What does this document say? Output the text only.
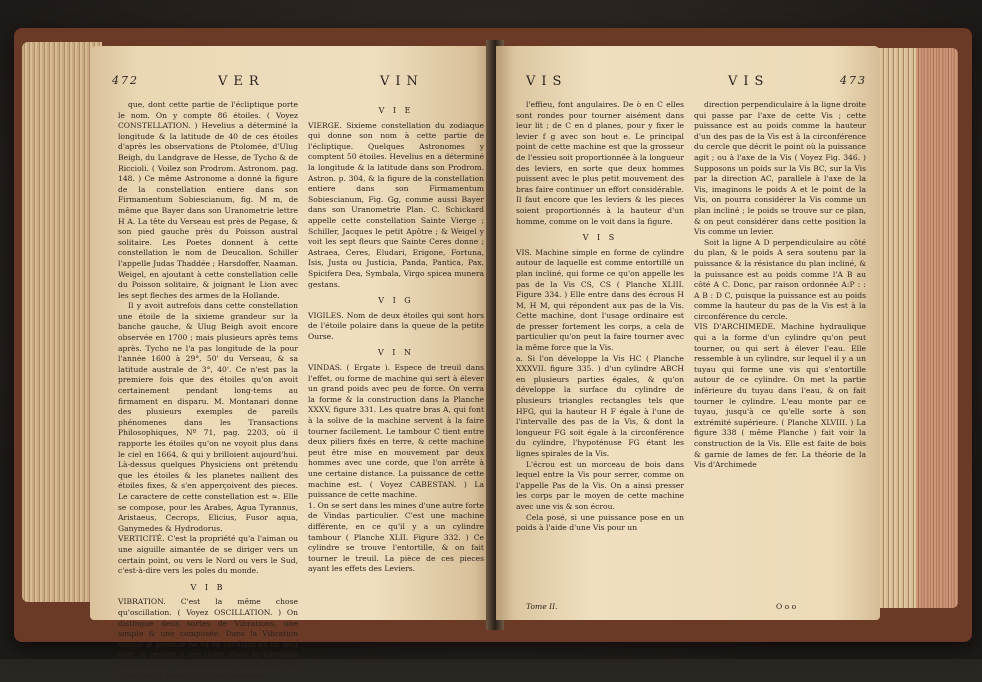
472	VER	VIN

que, dont cette partie de l'écliptique porte le nom. On y compte 86 étoiles. ( Voyez CONSTELLATION. ) Hevelius a déterminé la longitude & la latitude de 40 de ces étoiles d'après les observations de Ptolomée, d'Ulug Beigh, du Landgrave de Hesse, de Tycho & de Riccioli. ( Voilez son Prodrom. Astronom. pag. 148. ) Ce même Astronome a donné la figure de la constellation entiere dans son Firmamentum Sobiescianum, fig. M m, de même que Bayer dans son Uranometrie lettre H A. La tête du Verseau est près de Pegase, & son pied gauche près du Poisson austral solitaire. Les Poetes donnent à cette constellation le nom de Deucalion. Schiller l'appelle Judas Thaddée ; Harsdoffer, Naaman. Weigel, en ajoutant à cette constellation celle du Poisson solitaire, & joignant le Lion avec les sept fleches des armes de la Hollande.

Il y avoit autrefois dans cette constellation une étoile de la sixieme grandeur sur la banche gauche, & Ulug Beigh avoit encore observée en 1700 ; mais plusieurs après tems après. Tycho ne l'a pas longitude de la pour l'année 1600 à 29°, 50' du Verseau, & sa latitude australe de 3°, 40'. Ce n'est pas la premiere fois que des étoiles qu'on avoit certainement pendant long-tems au firmament en disparu. M. Montanari donne des plusieurs exemples de pareils phénomenes dans les Transactions Philosophiques, Nº 71, pag. 2203, où il rapporte les étoiles qu'on ne voyoit plus dans le ciel en 1664, & qui y brilloient aujourd'hui. Là-dessus quelques Physiciens ont prétendu que les étoiles & les planetes nailient des étoiles fixes, & s'en apperçoivent des pieces. Le caractere de cette constellation est ≈. Elle se compose, pour les Arabes, Agua Tyrannus, Aristaeus, Cecrops, Elicius, Fusor aqua, Ganymedes & Hydrodorus.

VERTICITÉ. C'est la propriété qu'a l'aiman ou une aiguille aimantée de se diriger vers un certain point, ou vers le Nord ou vers le Sud, c'est-à-dire vers les poles du monde.

V I B

VIBRATION. C'est la même chose qu'oscillation. ( Voyez OSCILLATION. ) On distingue deux sortes de Vibrations, une simple & une composée. Dans la Vibration simple le pendule ne va en oscillant qu'un seul côté, & revient à son point. Dans la Vibration composée il fait de deux oscillations, & retourne au point d'où il est descendu.

V I E

VIERGE. Sixieme constellation du zodiaque qui donne son nom à cette partie de l'écliptique. Quelques Astronomes y comptent 50 étoiles. Hevelius en a déterminé la longitude & la latitude dans son Prodrom. Astron. p. 304, & la figure de la constellation entiere dans son Firmamentum Sobiescianum, Fig. Gg, comme aussi Bayer dans son Uranometrie Plan. C. Schickard appelle cette constellation Sainte Vierge ; Schiller, Jacques le petit Apôtre ; & Weigel y voit les sept fleurs que Sainte Ceres donne ; Astraea, Ceres, Eludari, Erigone, Fortuna, Isis, Justa ou Justicia, Panda, Pantica, Pax, Spicifera Dea, Symbala, Virgo spicea munera gestans.

V I G

VIGILES. Nom de deux étoiles qui sont hors de l'étoile polaire dans la queue de la petite Ourse.

V I N

VINDAS. ( Ergate ). Espece de treuil dans l'effet, ou forme de machine qui sert à élever un grand poids avec peu de force. On verra la forme & la construction dans la Planche XXXV, figure 331. Les quatre bras A, qui font à la solive de la machine servent à la faire tourner facilement. Le tambour C tient entre deux piliers fixés en terre, & cette machine peut être mise en mouvement par deux hommes avec une corde, que l'on arrête à une certaine distance. La puissance de cette machine est. ( Voyez CABESTAN. ) La puissance de cette machine.

1. On se sert dans les mines d'une autre forte de Vindas particulier. C'est une machine différente, en ce qu'il y a un cylindre tambour ( Planche XLII. Figure 332. ) Ce cylindre se trouve l'entortille, & on fait tourner le treuil. La pièce de ces pieces ayant les effets des Leviers.

VIS	VIS	473

l'effieu, font angulaires. De ò en C elles sont rondes pour tourner aisément dans leur lit ; de C en d planes, pour y fixer le levier f g avec son bout e. Le principal point de cette machine est que la grosseur de l'essieu soit proportionnée à la longueur des leviers, en sorte que deux hommes puissent avec le plus petit mouvement des bras faire continuer un effort considérable. Il faut encore que les leviers & les pieces soient proportionnés à la hauteur d'un homme, comme on le voit dans la figure.

V I S

VIS. Machine simple en forme de cylindre autour de laquelle est comme entortillé un plan incliné, qui forme ce qu'on appelle les pas de la Vis CS, CS ( Planche XLIII. Figure 334. ) Elle entre dans des écrous H M, H M, qui répondent aux pas de la Vis. Cette machine, dont l'usage ordinaire est de presser fortement les corps, a cela de particulier qu'on peut la faire tourner avec la même force que la Vis.

a. Si l'on développe la Vis HC ( Planche XXXVII. figure 335. ) d'un cylindre ABCH en plusieurs parties égales, & qu'on développe la surface du cylindre de plusieurs triangles rectangles tels que HFG, qui la hauteur H F égale à l'une de l'intervalle des pas de la Vis, & dont la longueur FG soit égale à la circonférence du cylindre, l'hypoténuse FG étant les lignes spirales de la Vis.

L'écrou est un morceau de bois dans lequel entre la Vis pour serrer, comme on l'appelle Pas de la Vis. On a ainsi presser les corps par le moyen de cette machine avec une vis & son écrou.

Cela posé, si une puissance pose en un poids à l'aide d'une Vis pour un

direction perpendiculaire à la ligne droite qui passe par l'axe de cette Vis ; cette puissance est au poids comme la hauteur d'un des pas de la Vis est à la circonférence du cercle que décrit le point où la puissance agit ; ou à l'axe de la Vis ( Voyez Fig. 346. ) Supposons un poids sur la Vis BC, sur la Vis par la direction AC, parallele à l'axe de la Vis, imaginons le poids A et le point de la Vis, on pourra considérer la Vis comme un plan incliné ; le poids se trouve sur ce plan, & on peut considérer dans cette position la Vis comme un levier.

Soit la ligne A D perpendiculaire au côté du plan, & le poids A sera soutenu par la puissance & la résistance du plan incliné, & la puissance est au poids comme l'A B au côté A C. Donc, par raison ordonnée A:P : : A B : D C, puisque la puissance est au poids comme la hauteur du pas de la Vis est à la circonférence du cercle.

VIS D'ARCHIMEDE. Machine hydraulique qui a la forme d'un cylindre qu'on peut tourner, ou qui sert à élever l'eau. Elle ressemble à un cylindre, sur lequel il y a un tuyau qui forme une vis qui s'entortille autour de ce cylindre. On met la partie inférieure du tuyau dans l'eau, & on fait tourner le cylindre. L'eau monte par ce tuyau, jusqu'à ce qu'elle sorte à son extrémité supérieure. ( Planche XLVIII. ) La figure 338 ( même Planche ) fait voir la construction de la Vis. Elle est faite de bois & garnie de lames de fer. La théorie de la Vis d'Archimede

Tome II.	O o o
